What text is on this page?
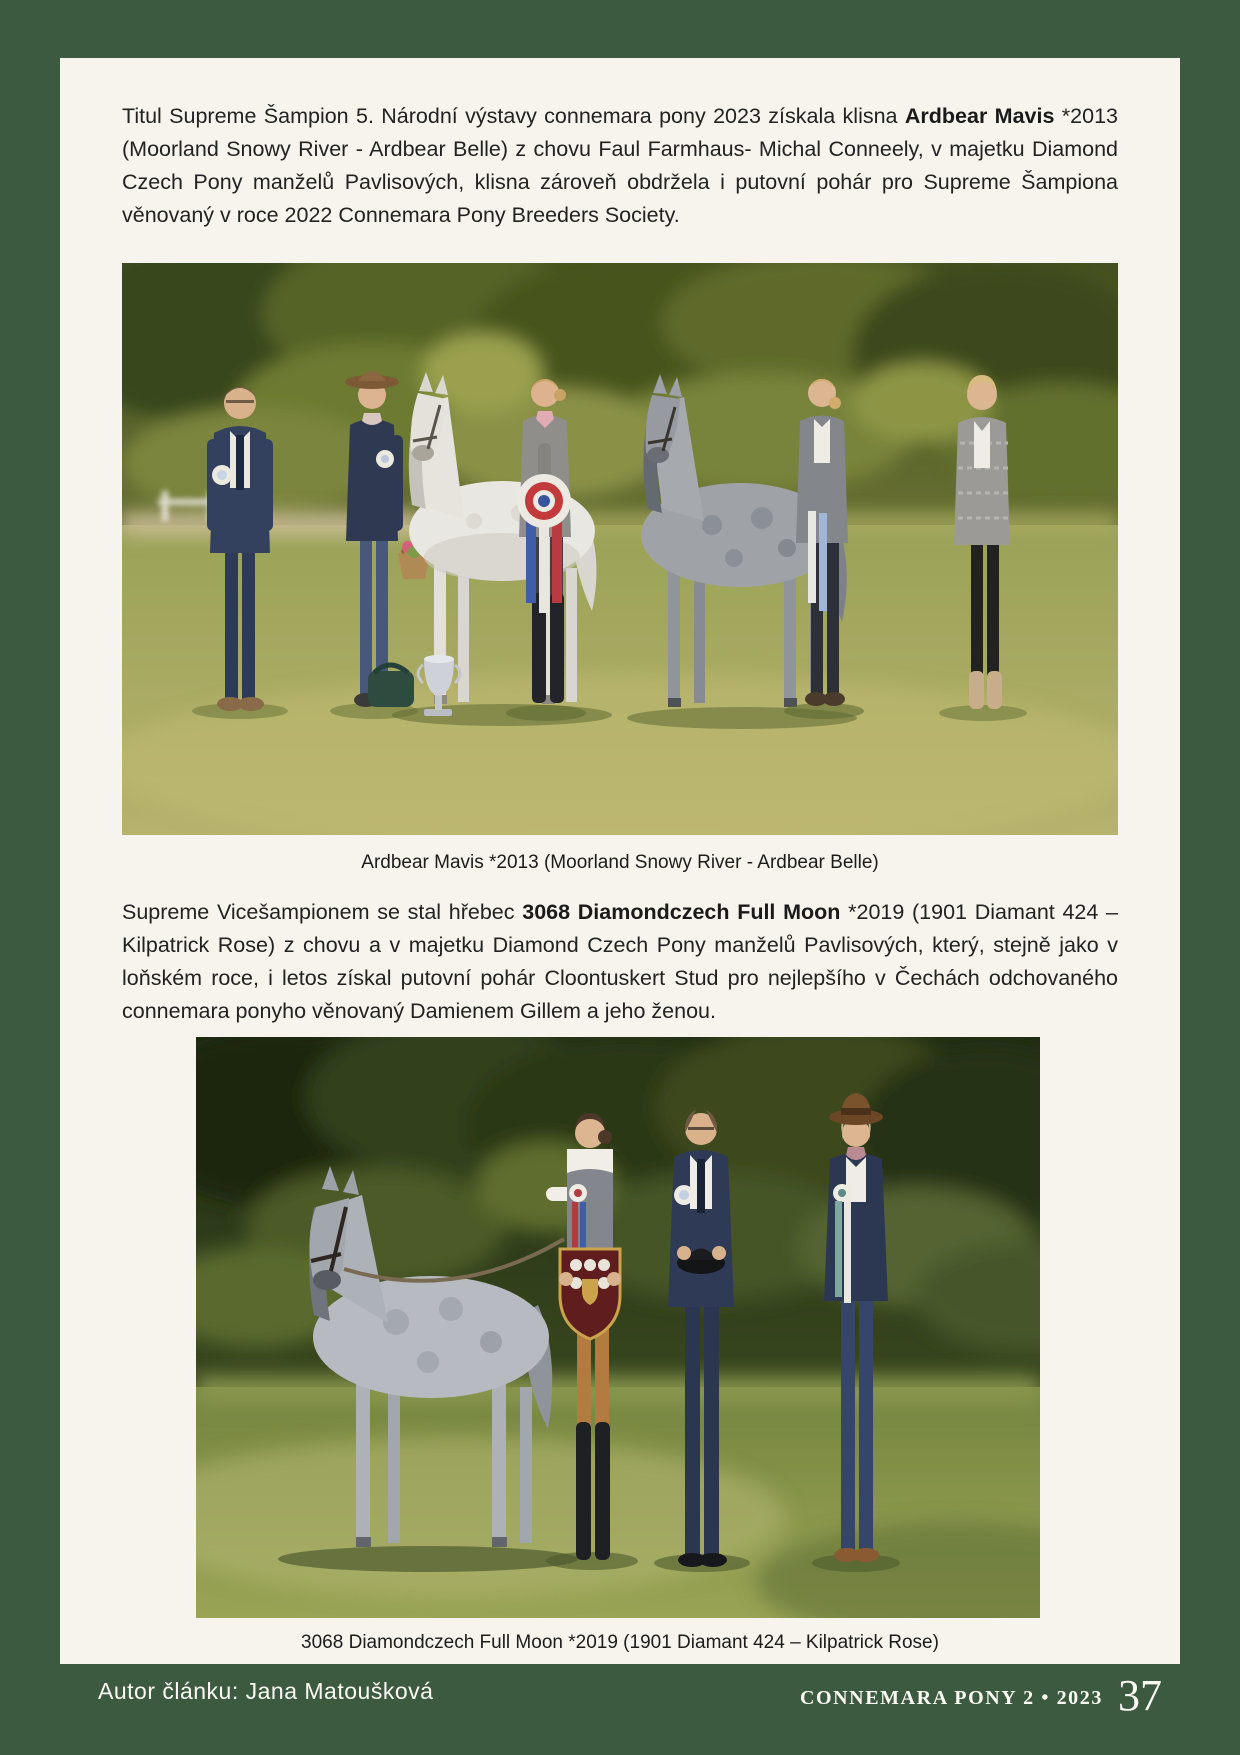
Titul Supreme Šampion 5. Národní výstavy connemara pony 2023 získala klisna Ardbear Mavis *2013 (Moorland Snowy River - Ardbear Belle) z chovu Faul Farmhaus- Michal Conneely, v majetku Diamond Czech Pony manželů Pavlisových, klisna zároveň obdržela i putovní pohár pro Supreme Šampiona věnovaný v roce 2022 Connemara Pony Breeders Society.

Ardbear Mavis *2013 (Moorland Snowy River - Ardbear Belle)

Supreme Vicešampionem se stal hřebec 3068 Diamondczech Full Moon *2019 (1901 Diamant 424 – Kilpatrick Rose) z chovu a v majetku Diamond Czech Pony manželů Pavlisových, který, stejně jako v loňském roce, i letos získal putovní pohár Cloontuskert Stud pro nejlepšího v Čechách odchovaného connemara ponyho věnovaný Damienem Gillem a jeho ženou.

3068 Diamondczech Full Moon *2019 (1901 Diamant 424 – Kilpatrick Rose)

Autor článku: Jana Matoušková	CONNEMARA PONY 2 • 2023 37
